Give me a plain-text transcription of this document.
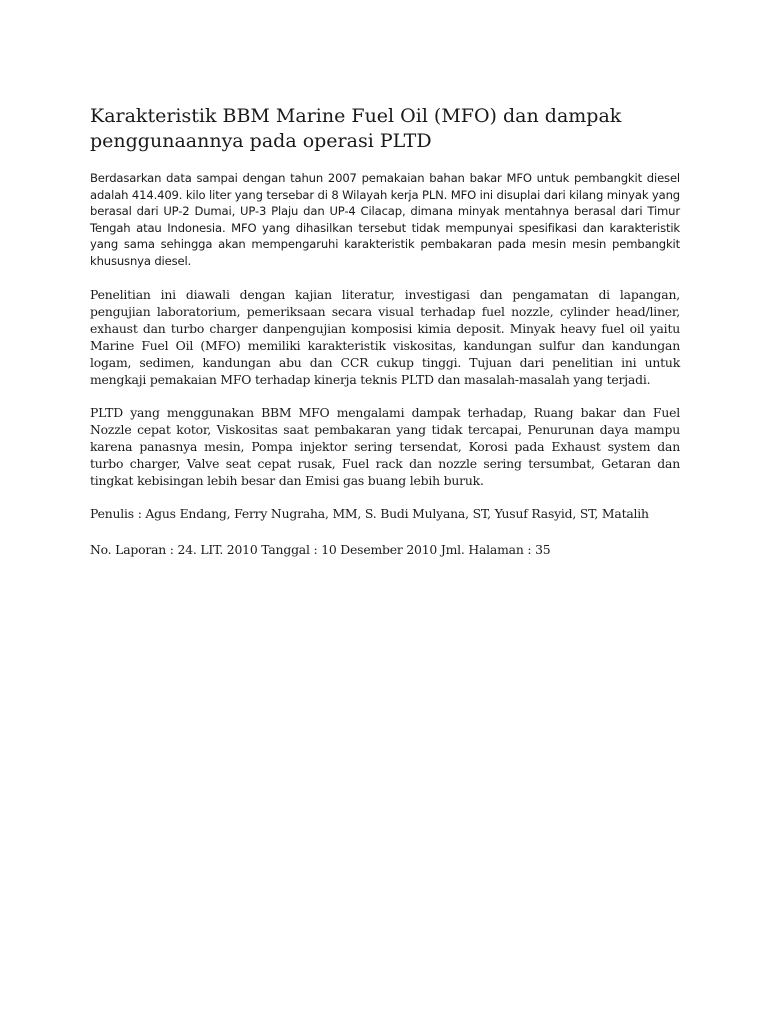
Karakteristik BBM Marine Fuel Oil (MFO) dan dampak penggunaannya pada operasi PLTD

Berdasarkan data sampai dengan tahun 2007 pemakaian bahan bakar MFO untuk pembangkit diesel adalah 414.409. kilo liter yang tersebar di 8 Wilayah kerja PLN. MFO ini disuplai dari kilang minyak yang berasal dari UP-2 Dumai, UP-3 Plaju dan UP-4 Cilacap, dimana minyak mentahnya berasal dari Timur Tengah atau Indonesia. MFO yang dihasilkan tersebut tidak mempunyai spesifikasi dan karakteristik yang sama sehingga akan mempengaruhi karakteristik pembakaran pada mesin mesin pembangkit khususnya diesel.

Penelitian ini diawali dengan kajian literatur, investigasi dan pengamatan di lapangan, pengujian laboratorium, pemeriksaan secara visual terhadap fuel nozzle, cylinder head/liner, exhaust dan turbo charger danpengujian komposisi kimia deposit. Minyak heavy fuel oil yaitu Marine Fuel Oil (MFO) memiliki karakteristik viskositas, kandungan sulfur dan kandungan logam, sedimen, kandungan abu dan CCR cukup tinggi. Tujuan dari penelitian ini untuk mengkaji pemakaian MFO terhadap kinerja teknis PLTD dan masalah-masalah yang terjadi.

PLTD yang menggunakan BBM MFO mengalami dampak terhadap, Ruang bakar dan Fuel Nozzle cepat kotor, Viskositas saat pembakaran yang tidak tercapai, Penurunan daya mampu karena panasnya mesin, Pompa injektor sering tersendat, Korosi pada Exhaust system dan turbo charger, Valve seat cepat rusak, Fuel rack dan nozzle sering tersumbat, Getaran dan tingkat kebisingan lebih besar dan Emisi gas buang lebih buruk.

Penulis : Agus Endang, Ferry Nugraha, MM, S. Budi Mulyana, ST, Yusuf Rasyid, ST, Matalih

No. Laporan : 24. LIT. 2010 Tanggal : 10 Desember 2010 Jml. Halaman : 35
